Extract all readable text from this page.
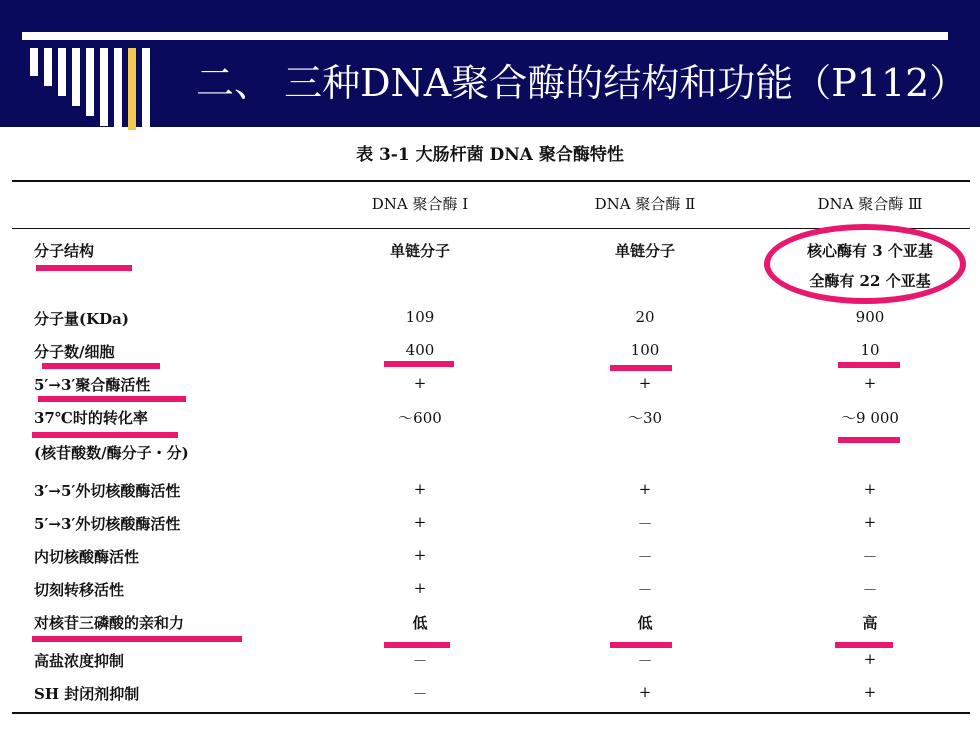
二、 三种DNA聚合酶的结构和功能（P112）
表 3-1 大肠杆菌 DNA 聚合酶特性
DNA 聚合酶 I	DNA 聚合酶 Ⅱ	DNA 聚合酶 Ⅲ
分子结构	单链分子	单链分子	核心酶有 3 个亚基
全酶有 22 个亚基
分子量(KDa)	109	20	900
分子数/细胞	400	100	10
5′→3′聚合酶活性	+	+	+
37℃时的转化率	～600	～30	～9 000
(核苷酸数/酶分子・分)
3′→5′外切核酸酶活性	+	+	+
5′→3′外切核酸酶活性	+	－	+
内切核酸酶活性	+	－	－
切刻转移活性	+	－	－
对核苷三磷酸的亲和力	低	低	高
高盐浓度抑制	－	－	+
SH 封闭剂抑制	－	+	+
